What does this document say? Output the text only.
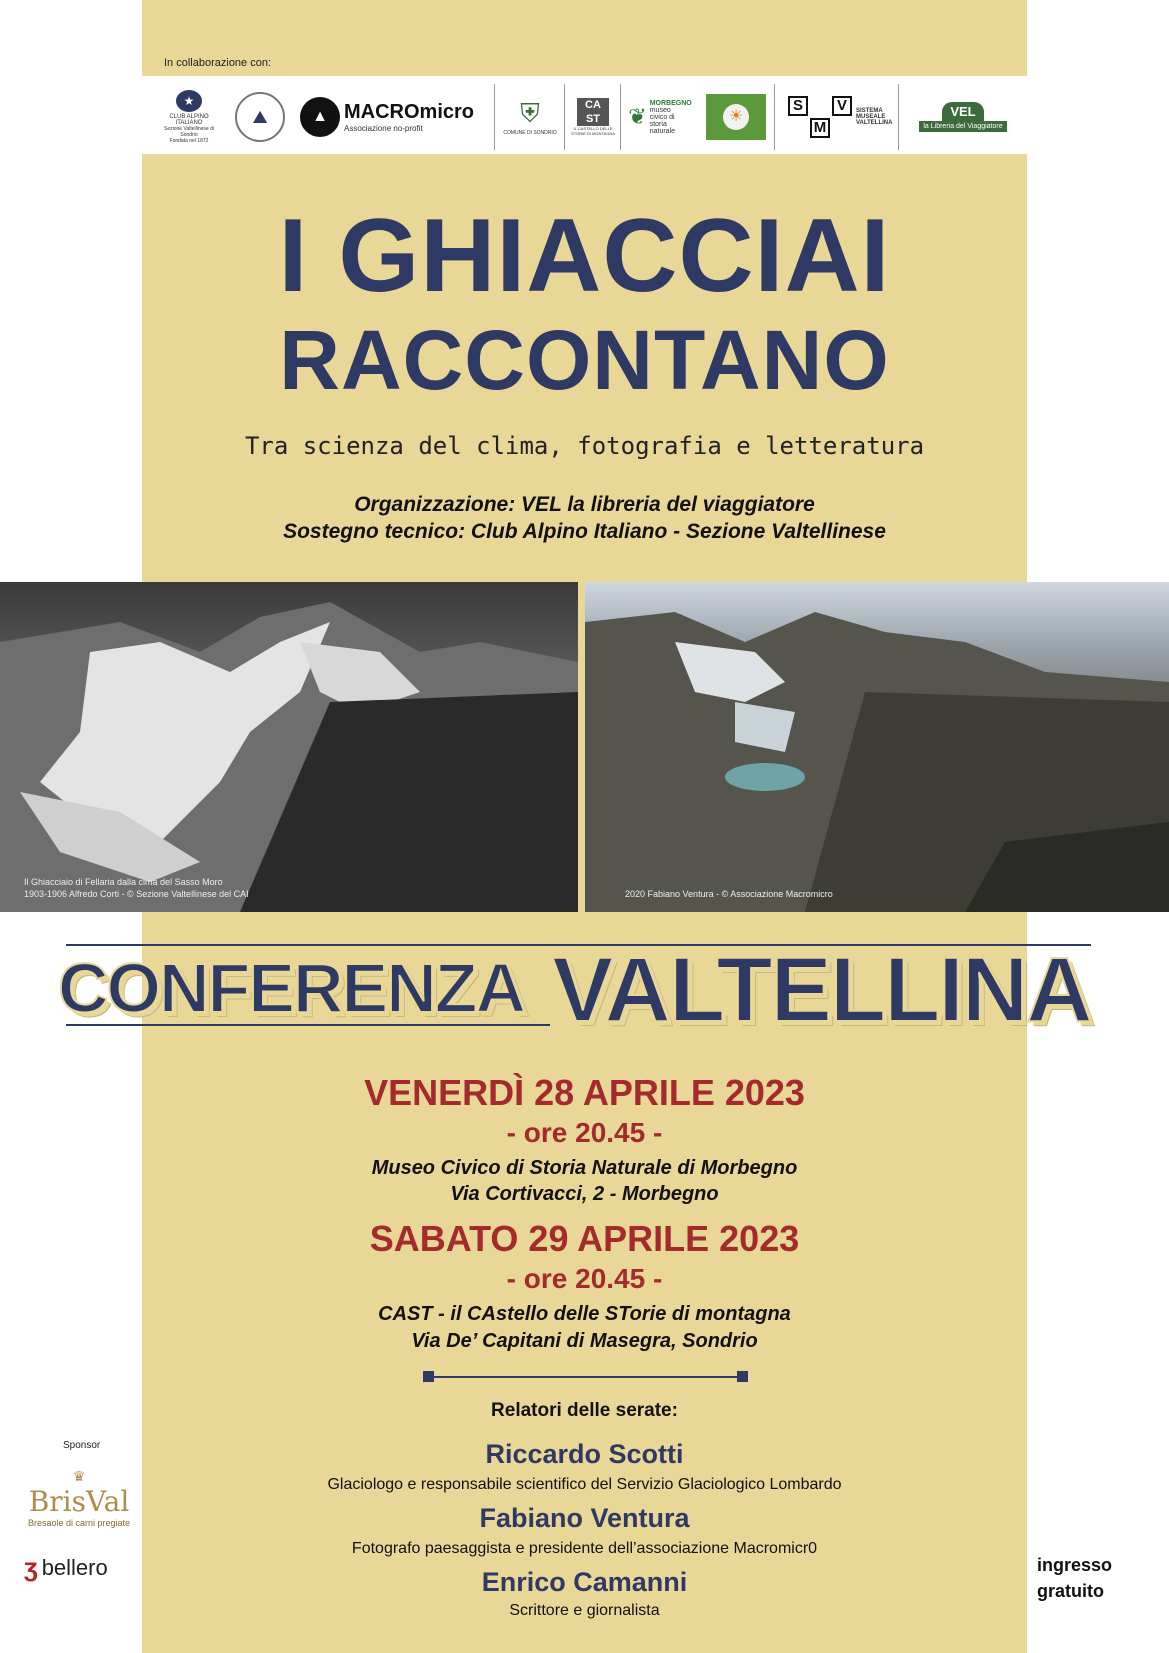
In collaborazione con:
★
CLUB ALPINO ITALIANO
Sezione Valtellinese di Sondrio
Fondata nel 1872
⛰	▲ MACROmicro
Associazione no-profit
⛨
COMUNE DI SONDRIO
CA
ST
IL CASTELLO DELLE STORIE DI MONTAGNA
❦
MORBEGNO
museo civico di storia naturale
☀
S	V
M
SISTEMA MUSEALE VALTELLINA
VEL
la Libreria del Viaggiatore
I GHIACCIAI
RACCONTANO
Tra scienza del clima, fotografia e letteratura
Organizzazione: VEL la libreria del viaggiatore
Sostegno tecnico: Club Alpino Italiano - Sezione Valtellinese
Il Ghiacciaio di Fellaria dalla cima del Sasso Moro
1903-1906 Alfredo Corti - © Sezione Valtellinese del CAI	2020 Fabiano Ventura - © Associazione Macromicro
CONFERENZA VALTELLINA
VENERDÌ 28 APRILE 2023
- ore 20.45 -
Museo Civico di Storia Naturale di Morbegno
Via Cortivacci, 2 - Morbegno
SABATO 29 APRILE 2023
- ore 20.45 -
CAST - il CAstello delle STorie di montagna
Via De’ Capitani di Masegra, Sondrio
Relatori delle serate:
Riccardo Scotti
Glaciologo e responsabile scientifico del Servizio Glaciologico Lombardo
Fabiano Ventura
Fotografo paesaggista e presidente dell’associazione Macromicr0
Enrico Camanni
Scrittore e giornalista
Sponsor
♛
BrisVal
Bresaole di carni pregiate
ʒ bellero	ingresso
gratuito
